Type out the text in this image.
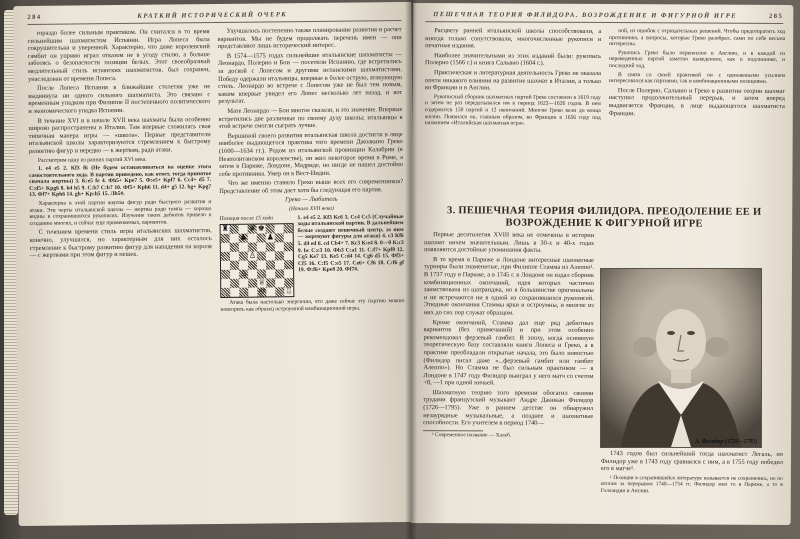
284	КРАТКИЙ ИСТОРИЧЕСКИЙ ОЧЕРК

гораздо более сильным практиком. Он считался в то время сильнейшим шахматистом Испании. Игра Лопеса была сокрушительна и уверенной. Характерно, что даже королевский гамбит он упрямо играл отказом не в угоду стилю, а больше заботясь о безопасности позиции белых. Этот своеобразный медлительный стиль испанских шахматистов, был сохранен, унаследован от времени Лопеса.

После Лопеса Испания в ближайшие столетия уже не выдвинула ни одного сильного шахматиста. Это связано с временным упадком при Филиппе II постепенного политического и экономического упадка Испании.

В течение XVI и в начале XVII века шахматы были особенно широко распространены в Италии. Там впервые сложилась своя типичная манера игры — «школа». Первые представители итальянской школы характеризуются стремлением к быстрому развитию фигур и нередко — к жертвам, ради атаки.

Рассмотрим одну из ранних партий XVI века.

1. e4 e5 2. Кf3 f6 (Не будем останавливаться на оценке этого самостоятельного хода. В партии приведено, как ответ, тогда принятое сначала жертвы) 3. К:e5 fe 4. Фh5+ Kpe7 5. Ф:e5+ Kpf7 6. Сc4+ d5 7. С:d5+ Kpg6 8. h4 h5 9. С:b7 С:b7 10. Фf5+ Kph6 11. d4+ g5 12. hg+ Kpg7 13. Фf7+ Kph6 14. gh+ Kp:h5 15. Лh5#.

Характерна в этой партии жертва фигур ради быстрого развития и атаки. Эти черты итальянской школы — жертвы ради темпа — хорошо видны в сохранившихся рукописях. Изучение таких дебютов привело к созданию многих, и сейчас еще применяемых, вариантов.

С течением времени стиль игры итальянских шахматистов, конечно, улучшался, но характерным для них осталось стремление к быстрому развитию фигур для нападения на короля — с жертвами при этом фигур и пешек.

Улучшалось постепенно также планирование развития и расчет вариантов. Мы не будем продолжать перечень имен — они представляют лишь исторический интерес.

В 1574—1575 годах сильнейшие итальянские шахматисты — Леонардо, Полерио и Бои — посетили Испанию, где встретились за доской с Лопесом и другими испанскими шахматистами. Победу одержали итальянцы, впервые в более острую, атакующую стиль. Леонардо во встрече с Лопесом уже не был тем новым, каким впервые увидел его Лопес несколько лет назад, и вот результат.

Мате Леонардо — Бои многое сказали, и это значение. Впервые встретились две различные по своему духу школы; итальянцы в этой встрече смогли сыграть лучше.

Вершиной своего развития итальянская школа достигла в лице наиболее выдающегося практика того времени Джоакино Греко (1600—1634 гг.). Родом из итальянской провинции Калабрии (в Неаполитанском королевстве), он жил некоторое время в Риме, а затем в Париже, Лондоне, Мадриде, но нигде не нашел достойно себе противника. Умер он в Вест-Индии.

Что же именно ставило Греко выше всех его современников? Представление об этом дает хотя бы следующая его партия.

Греко — Любитель

(Начало XVII века)

Позиция после 15 хода
♜ ♛ ♚
♟ ♟
♙
♘
♙
♕
♔ ♖

1. e4 e5 2. Кf3 Кc6 3. Сc4 Сc5 (Случайные ходы итальянской партии. В дальнейшем белые создают пешечный центр, за ним — жертвуют фигуры для атаки) 4. c3 Кf6 5. d4 ed 6. cd Сb4+ 7. Кc3 К:e4 8. 0—0 К:c3 9. bc С:c3 10. Фb3 С:a1 11. С:f7+ Kpf8 12. Сg5 Кe7 13. Кe5 С:d4 14. Сg6 d5 15. Фf3+ Сf5 16. С:f5 С:e5 17. Сe6+ Сf6 18. С:f6 gf 19. Ф:f6+ Kpe8 20. Фf7#.

Атака была настолько энергична, что даже сейчас эту партию можно повторить как образец остроумной комбинационной игры.

ПЕШЕЧНАЯ ТЕОРИЯ ФИЛИДОРА. ВОЗРОЖДЕНИЕ И ФИГУРНОЙ ИГРЕ	285

Расцвету ранней итальянской школы способствовали, а иногда только сопутствовали, многочисленные рукописи и печатные издания.

Наиболее значительными из этих изданий были: рукопись Полерио (1566 г.) и книга Сальвио (1604 г.).

Практическая и литературная деятельность Греко не оказала почти никакого влияния на развитие шахмат в Италии, а только во Франции и в Англии.

Рукописный сборник шахматных партий Греко составлен в 1619 году и затем не раз переделывался им в период 1622—1626 годов. В нем содержится 150 партий и 12 окончаний. Многие Греко вели до конца жизни. Появился он, главным образом, во Франции в 1656 году под названием «Италийская шахматная игра».

ной, из ошибок с отрицательных решений. Чтобы предотвратить ход противника, а вопросы, которые Греко разобрал, сами по себе весьма интересны.

Рукопись Греко было перенесено в Англию, и в каждой из переведенных партий заметно выведенное, как в подлиннике, и последний ход.

В связи со своей практикой он с одинаковыми усилием интересовался как партиями, так и комбинационными позициями.

После Полерио, Сальвио и Греко в развитии теории шахмат наступил продолжительный перерыв, и затем вперед выдвигается Франция, в лице выдающегося шахматиста Франции.

3. ПЕШЕЧНАЯ ТЕОРИЯ ФИЛИДОРА. ПРЕОДОЛЕНИЕ ЕЕ И ВОЗРОЖДЕНИЕ К ФИГУРНОЙ ИГРЕ

Первые десятилетия XVIII века не отмечены в истории шахмат ничем значительным. Лишь в 30-х и 40-х годах появляются достойные упоминания факты.

В то время в Париже и Лондоне интересные шахматные турниры были знаменитые, при Филиппе Стамма из Алеппо¹. В 1737 году в Париже, а в 1745 г. в Лондоне он издал сборник комбинационных окончаний, идея которых частично заимствована из шатранджа, но в большинстве оригинальны и не встречаются ни в одной из сохранившихся рукописей. Этюдные окончания Стаммы ярки и остроумны, и многие из них до сих пор служат образцом.

Кроме окончаний, Стамма дал еще ряд дебютных вариантов (без примечаний) и при этом особенно рекомендовал ферзевый гамбит. В эпоху, когда основную теоретическую базу составляли книги Лопеса и Греко, а в практике преобладали открытые начала, это было новостью (Филидор писал даже «...ферзевый гамбит или гамбит Алеппо»). Но Стамма не был сильным практиком — в Лондоне в 1747 году Филидор выиграл у него матч со счетом +8, —1 при одной ничьей.

Шахматную теорию того времени обогатил своими трудами французский музыкант Андре Даникан Филидор (1726—1795). Уже в раннем детстве он обнаружил незаурядные музыкальные, а позднее и шахматные способности. Его учителем в период 1740—

¹ Современное название — Халеб.

1743 годов был сильнейший тогда шахматист Легаль, но Филидор уже в 1743 году сравнялся с ним, а в 1755 году победил его в матче¹.

¹ Позиции в сохранившейся литературе называется не сохранились, но по итогам за перерывом 1740—1754 гг. Филидор жил то в Париже, а то в Голландии и Англии.

А. Филидор (1726—1795)
